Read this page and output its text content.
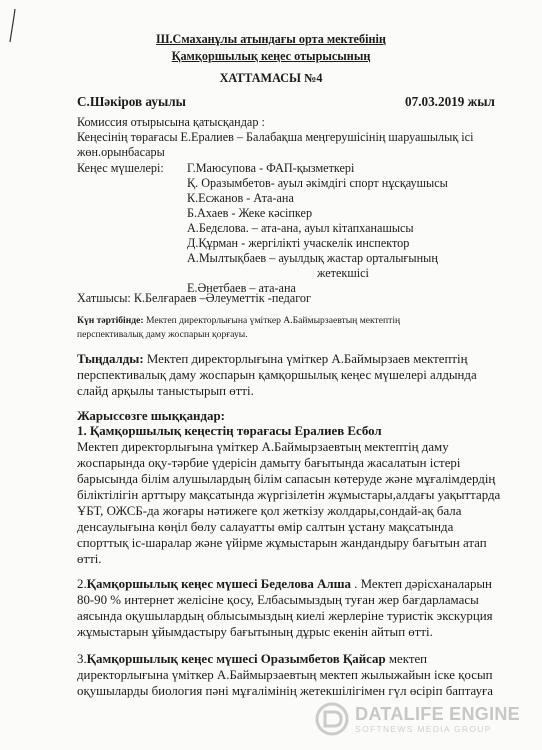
Ш.Смаханұлы атындағы орта мектебінің
Қамқоршылық кеңес отырысының
ХАТТАМАСЫ №4
С.Шәкіров ауылы	07.03.2019 жыл
Комиссия отырысына қатысқандар :
Кеңесінің төрағасы Е.Ералиев – Балабақша меңгерушісінің шаруашылық ісі
жөн.орынбасары
Кеңес мүшелері: Г.Маюсупова - ФАП-қызметкері
Қ. Оразымбетов- ауыл әкімдігі спорт нұсқаушысы
К.Есжанов - Ата-ана
Б.Ахаев - Жеке кәсіпкер
А.Бедєлова. – ата-ана, ауыл кітапханашысы
Д.Құрман - жергілікті учаскелік инспектор
А.Мылтықбаев – ауылдық жастар орталығының
жетекшісі
Е.Әнетбаев – ата-ана
Хатшысы: К.Белғараев –Әлеуметтік -педагог
Күн тәртібінде: Мектеп директорлығына үміткер А.Баймырзаевтың мектептің
перспективалық даму жоспарын қорғауы.
Тыңдалды: Мектеп директорлығына үміткер А.Баймырзаев мектептің
перспективалық даму жоспарын қамқоршылық кеңес мүшелері алдында
слайд арқылы таныстырып өтті.
Жарыссөзге шыққандар:
1. Қамқоршылық кеңестің төрағасы Ералиев Есбол
Мектеп директорлығына үміткер А.Баймырзаевтың мектептің даму
жоспарында оқу-тәрбие үдерісін дамыту бағытында жасалатын істері
барысында білім алушылардың білім сапасын көтеруде және мұғалімдердің
біліктілігін арттыру мақсатында жүргізілетін жұмыстары,алдағы уақыттарда
ҰБТ, ОЖСБ-да жоғары нәтижеге қол жеткізу жолдары,сондай-ақ бала
денсаулығына көңіл бөлу салауатты өмір салтын ұстану мақсатында
спорттық іс-шаралар және үйірме жұмыстарын жандандыру бағытын атап
өтті.
2.Қамқоршылық кеңес мүшесі Беделова Алша . Мектеп дәрісханаларын
80-90 % интернет желісіне қосу, Елбасымыздың туған жер бағдарламасы
аясында оқушылардың облысымыздың киелі жерлеріне туристік экскурция
жұмыстарын ұйымдастыру бағытының дұрыс екенін айтып өтті.
3.Қамқоршылық кеңес мүшесі Оразымбетов Қайсар мектеп
директорлығына үміткер А.Баймырзаевтың мектеп жылыжайын іске қосып
оқушыларды биология пәні мұғалімінің жетекшілігімен гүл өсіріп баптауға
DATALIFE ENGINE
SOFTNEWS MEDIA GROUP
